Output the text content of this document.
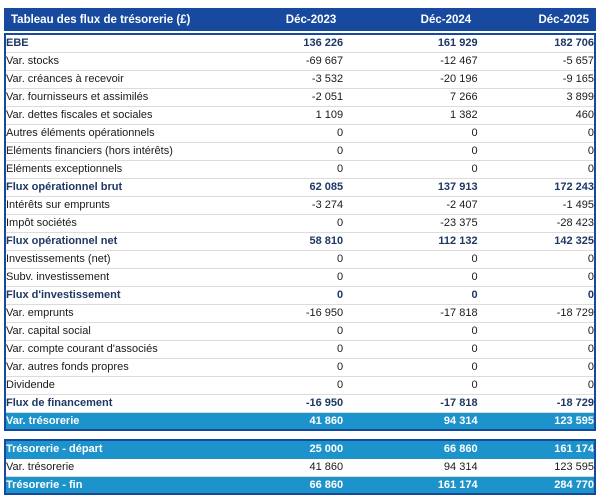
Tableau des flux de trésorerie (£)	Déc-2023	Déc-2024	Déc-2025
EBE	136 226	161 929	182 706
Var. stocks	-69 667	-12 467	-5 657
Var. créances à recevoir	-3 532	-20 196	-9 165
Var. fournisseurs et assimilés	-2 051	7 266	3 899
Var. dettes fiscales et sociales	1 109	1 382	460
Autres éléments opérationnels	0	0	0
Eléments financiers (hors intérêts)	0	0	0
Eléments exceptionnels	0	0	0
Flux opérationnel brut	62 085	137 913	172 243
Intérêts sur emprunts	-3 274	-2 407	-1 495
Impôt sociétés	0	-23 375	-28 423
Flux opérationnel net	58 810	112 132	142 325
Investissements (net)	0	0	0
Subv. investissement	0	0	0
Flux d'investissement	0	0	0
Var. emprunts	-16 950	-17 818	-18 729
Var. capital social	0	0	0
Var. compte courant d'associés	0	0	0
Var. autres fonds propres	0	0	0
Dividende	0	0	0
Flux de financement	-16 950	-17 818	-18 729
Var. trésorerie	41 860	94 314	123 595
Trésorerie - départ	25 000	66 860	161 174
Var. trésorerie	41 860	94 314	123 595
Trésorerie - fin	66 860	161 174	284 770
